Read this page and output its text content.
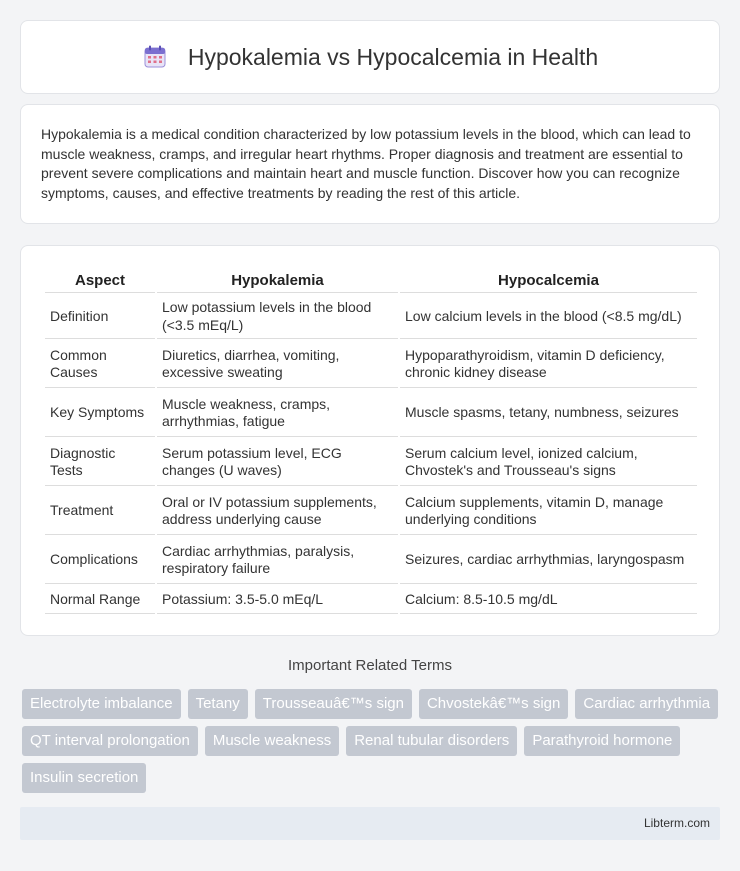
Hypokalemia vs Hypocalcemia in Health

Hypokalemia is a medical condition characterized by low potassium levels in the blood, which can lead to muscle weakness, cramps, and irregular heart rhythms. Proper diagnosis and treatment are essential to prevent severe complications and maintain heart and muscle function. Discover how you can recognize symptoms, causes, and effective treatments by reading the rest of this article.

Aspect	Hypokalemia	Hypocalcemia
Definition	Low potassium levels in the blood (<3.5 mEq/L)	Low calcium levels in the blood (<8.5 mg/dL)
Common Causes	Diuretics, diarrhea, vomiting, excessive sweating	Hypoparathyroidism, vitamin D deficiency, chronic kidney disease
Key Symptoms	Muscle weakness, cramps, arrhythmias, fatigue	Muscle spasms, tetany, numbness, seizures
Diagnostic Tests	Serum potassium level, ECG changes (U waves)	Serum calcium level, ionized calcium, Chvostek's and Trousseau's signs
Treatment	Oral or IV potassium supplements, address underlying cause	Calcium supplements, vitamin D, manage underlying conditions
Complications	Cardiac arrhythmias, paralysis, respiratory failure	Seizures, cardiac arrhythmias, laryngospasm
Normal Range	Potassium: 3.5-5.0 mEq/L	Calcium: 8.5-10.5 mg/dL
Important Related Terms
Electrolyte imbalance	Tetany	Trousseauâ€™s sign	Chvostekâ€™s sign	Cardiac arrhythmia
QT interval prolongation	Muscle weakness	Renal tubular disorders	Parathyroid hormone
Insulin secretion
Libterm.com
